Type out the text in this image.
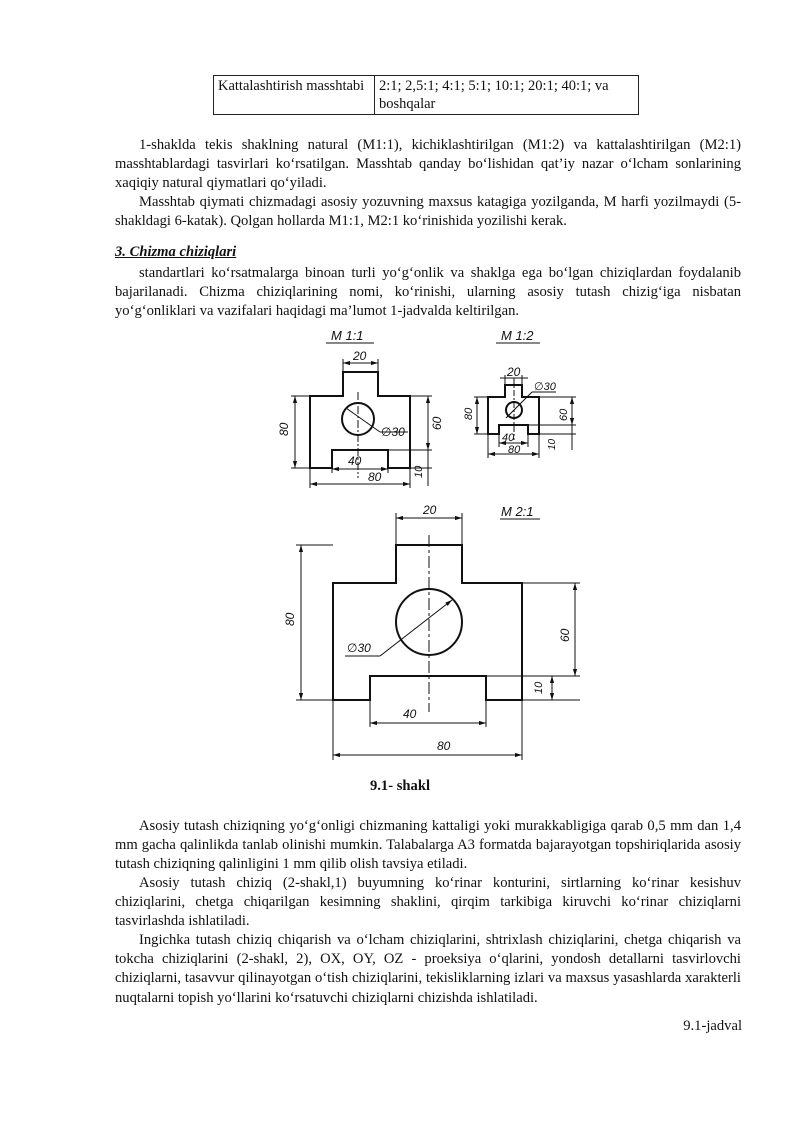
Kattalashtirish masshtabi	2:1; 2,5:1; 4:1; 5:1; 10:1; 20:1; 40:1; va boshqalar

1-shaklda tekis shaklning natural (M1:1), kichiklashtirilgan (M1:2) va kattalashtirilgan (M2:1) masshtablardagi tasvirlari ko‘rsatilgan. Masshtab qanday bo‘lishidan qat’iy nazar o‘lcham sonlarining xaqiqiy natural qiymatlari qo‘yiladi.

Masshtab qiymati chizmadagi asosiy yozuvning maxsus katagiga yozilganda, M harfi yozilmaydi (5-shakldagi 6-katak). Qolgan hollarda M1:1, M2:1 ko‘rinishida yozilishi kerak.

3. Chizma chiziqlari

standartlari ko‘rsatmalarga binoan turli yo‘g‘onlik va shaklga ega bo‘lgan chiziqlardan foydalanib bajarilanadi. Chizma chiziqlarining nomi, ko‘rinishi, ularning asosiy tutash chizig‘iga nisbatan yo‘g‘onliklari va vazifalari haqidagi ma’lumot 1-jadvalda keltirilgan.

M 1:1
20
80	60
10
40
80
∅30
M 1:2
20
80	60
10
40
80
∅30
M 2:1
20
80
60
10
40
80
∅30
9.1- shakl

Asosiy tutash chiziqning yo‘g‘onligi chizmaning kattaligi yoki murakkabligiga qarab 0,5 mm dan 1,4 mm gacha qalinlikda tanlab olinishi mumkin. Talabalarga A3 formatda bajarayotgan topshiriqlarida asosiy tutash chiziqning qalinligini 1 mm qilib olish tavsiya etiladi.

Asosiy tutash chiziq (2-shakl,1) buyumning ko‘rinar konturini, sirtlarning ko‘rinar kesishuv chiziqlarini, chetga chiqarilgan kesimning shaklini, qirqim tarkibiga kiruvchi ko‘rinar chiziqlarni tasvirlashda ishlatiladi.

Ingichka tutash chiziq chiqarish va o‘lcham chiziqlarini, shtrixlash chiziqlarini, chetga chiqarish va tokcha chiziqlarini (2-shakl, 2), OX, OY, OZ - proeksiya o‘qlarini, yondosh detallarni tasvirlovchi chiziqlarni, tasavvur qilinayotgan o‘tish chiziqlarini, tekisliklarning izlari va maxsus yasashlarda xarakterli nuqtalarni topish yo‘llarini ko‘rsatuvchi chiziqlarni chizishda ishlatiladi.

9.1-jadval
